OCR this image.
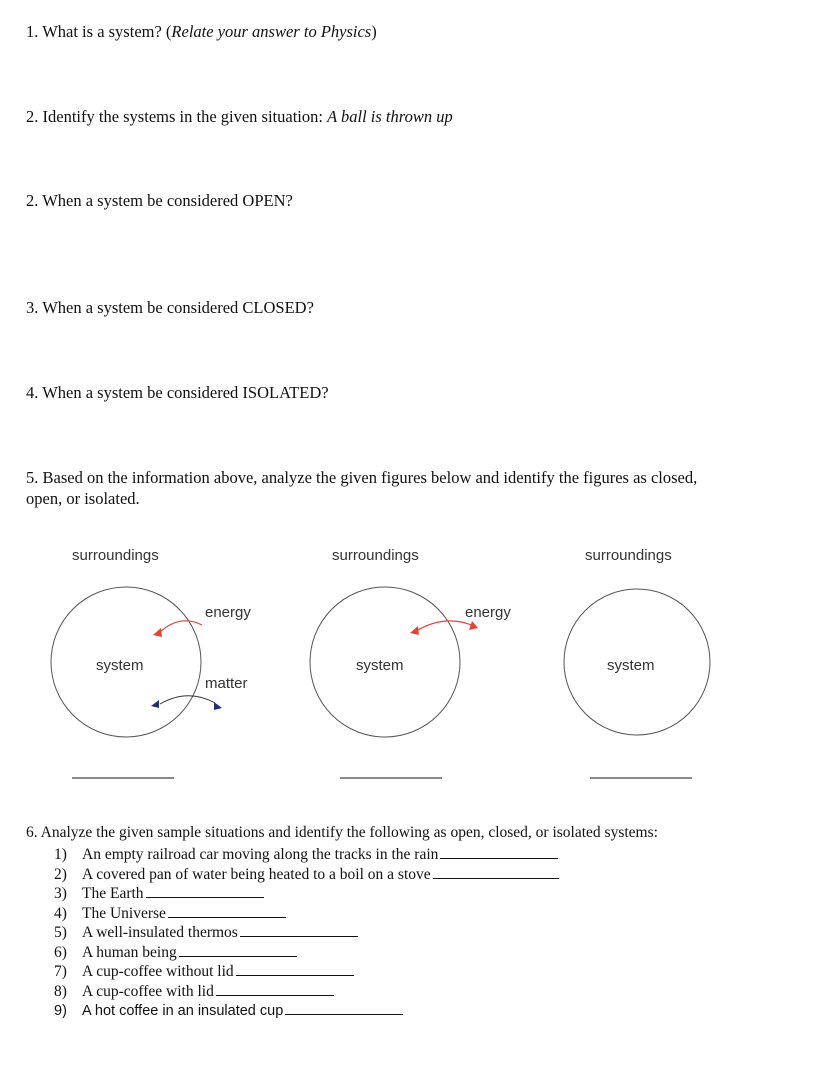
1. What is a system? (Relate your answer to Physics)
2. Identify the systems in the given situation: A ball is thrown up
2. When a system be considered OPEN?
3. When a system be considered CLOSED?
4. When a system be considered ISOLATED?
5. Based on the information above, analyze the given figures below and identify the figures as closed, open, or isolated.
surroundings
system
energy
matter
surroundings
system
energy
surroundings
system
6. Analyze the given sample situations and identify the following as open, closed, or isolated systems:
1) An empty railroad car moving along the tracks in the rain
2) A covered pan of water being heated to a boil on a stove
3) The Earth
4) The Universe
5) A well-insulated thermos
6) A human being
7) A cup-coffee without lid
8) A cup-coffee with lid
9) A hot coffee in an insulated cup
